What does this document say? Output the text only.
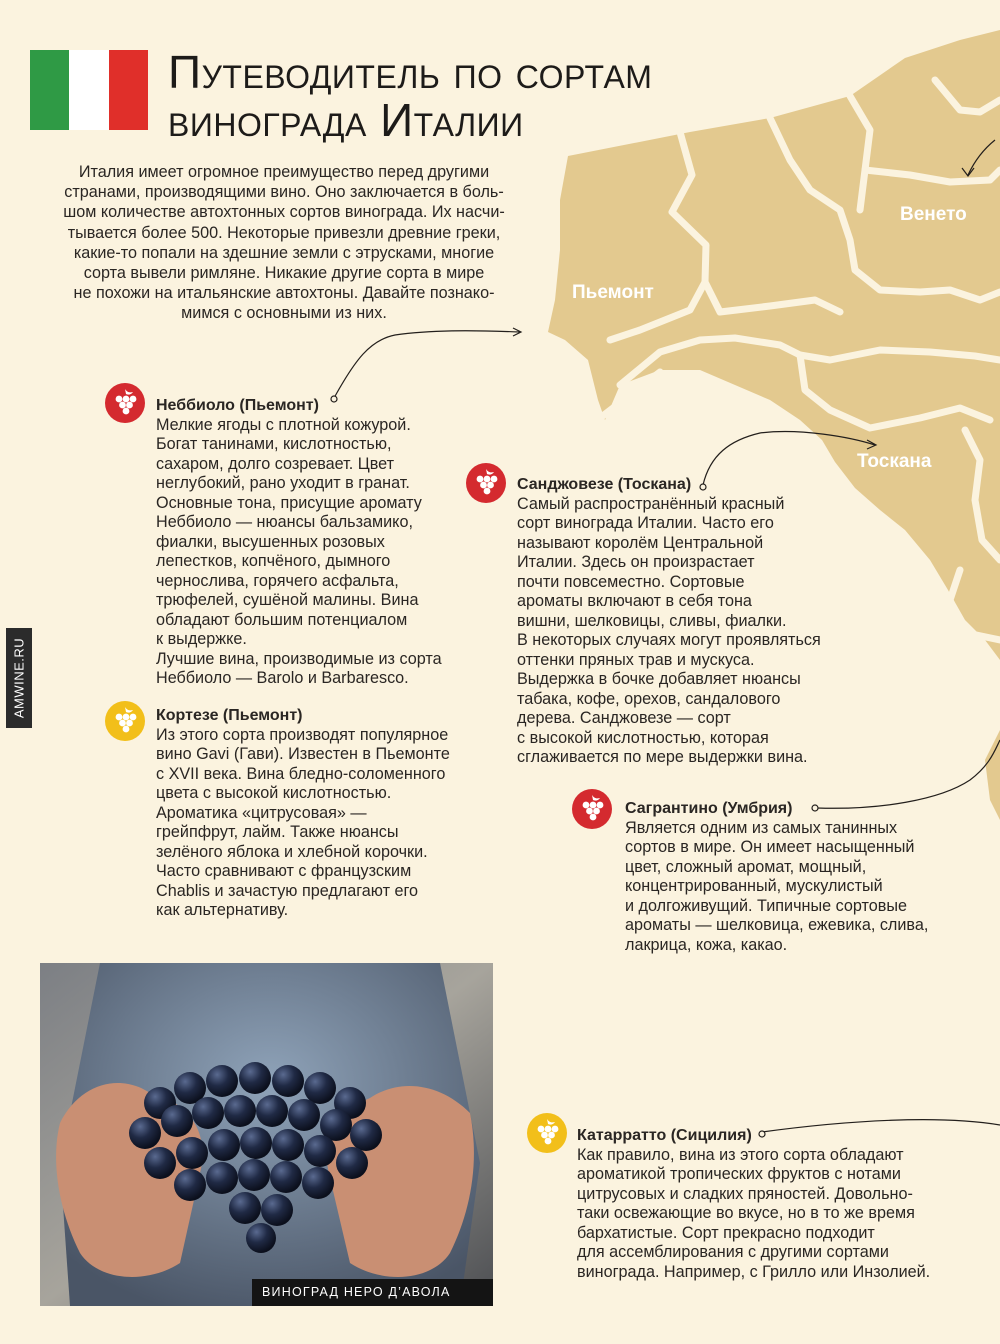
Путеводитель по сортам
винограда Италии
Италия имеет огромное преимущество перед другими
странами, производящими вино. Оно заключается в боль-
шом количестве автохтонных сортов винограда. Их насчи-
тывается более 500. Некоторые привезли древние греки,
какие-то попали на здешние земли с этрусками, многие
сорта вывели римляне. Никакие другие сорта в мире
не похожи на итальянские автохтоны. Давайте познако-
мимся с основными из них.
Пьемонт
Венето
Тоскана
Неббиоло (Пьемонт)
Мелкие ягоды с плотной кожурой.
Богат танинами, кислотностью,
сахаром, долго созревает. Цвет
неглубокий, рано уходит в гранат.
Основные тона, присущие аромату
Неббиоло — нюансы бальзамико,
фиалки, высушенных розовых
лепестков, копчёного, дымного
чернослива, горячего асфальта,
трюфелей, сушёной малины. Вина
обладают большим потенциалом
к выдержке.
Лучшие вина, производимые из сорта
Неббиоло — Barolo и Barbaresco.
Кортезе (Пьемонт)
Из этого сорта производят популярное
вино Gavi (Гави). Известен в Пьемонте
с XVII века. Вина бледно-соломенного
цвета с высокой кислотностью.
Ароматика «цитрусовая» —
грейпфрут, лайм. Также нюансы
зелёного яблока и хлебной корочки.
Часто сравнивают с французским
Chablis и зачастую предлагают его
как альтернативу.
Санджовезе (Тоскана)
Самый распространённый красный
сорт винограда Италии. Часто его
называют королём Центральной
Италии. Здесь он произрастает
почти повсеместно. Сортовые
ароматы включают в себя тона
вишни, шелковицы, сливы, фиалки.
В некоторых случаях могут проявляться
оттенки пряных трав и мускуса.
Выдержка в бочке добавляет нюансы
табака, кофе, орехов, сандалового
дерева. Санджовезе — сорт
с высокой кислотностью, которая
сглаживается по мере выдержки вина.
Сагрантино (Умбрия)
Является одним из самых танинных
сортов в мире. Он имеет насыщенный
цвет, сложный аромат, мощный,
концентрированный, мускулистый
и долгоживущий. Типичные сортовые
ароматы — шелковица, ежевика, слива,
лакрица, кожа, какао.
Катарратто (Сицилия)
Как правило, вина из этого сорта обладают
ароматикой тропических фруктов с нотами
цитрусовых и сладких пряностей. Довольно-
таки освежающие во вкусе, но в то же время
бархатистые. Сорт прекрасно подходит
для ассемблирования с другими сортами
винограда. Например, с Грилло или Инзолией.
AMWINE.RU
ВИНОГРАД НЕРО Д’АВОЛА
